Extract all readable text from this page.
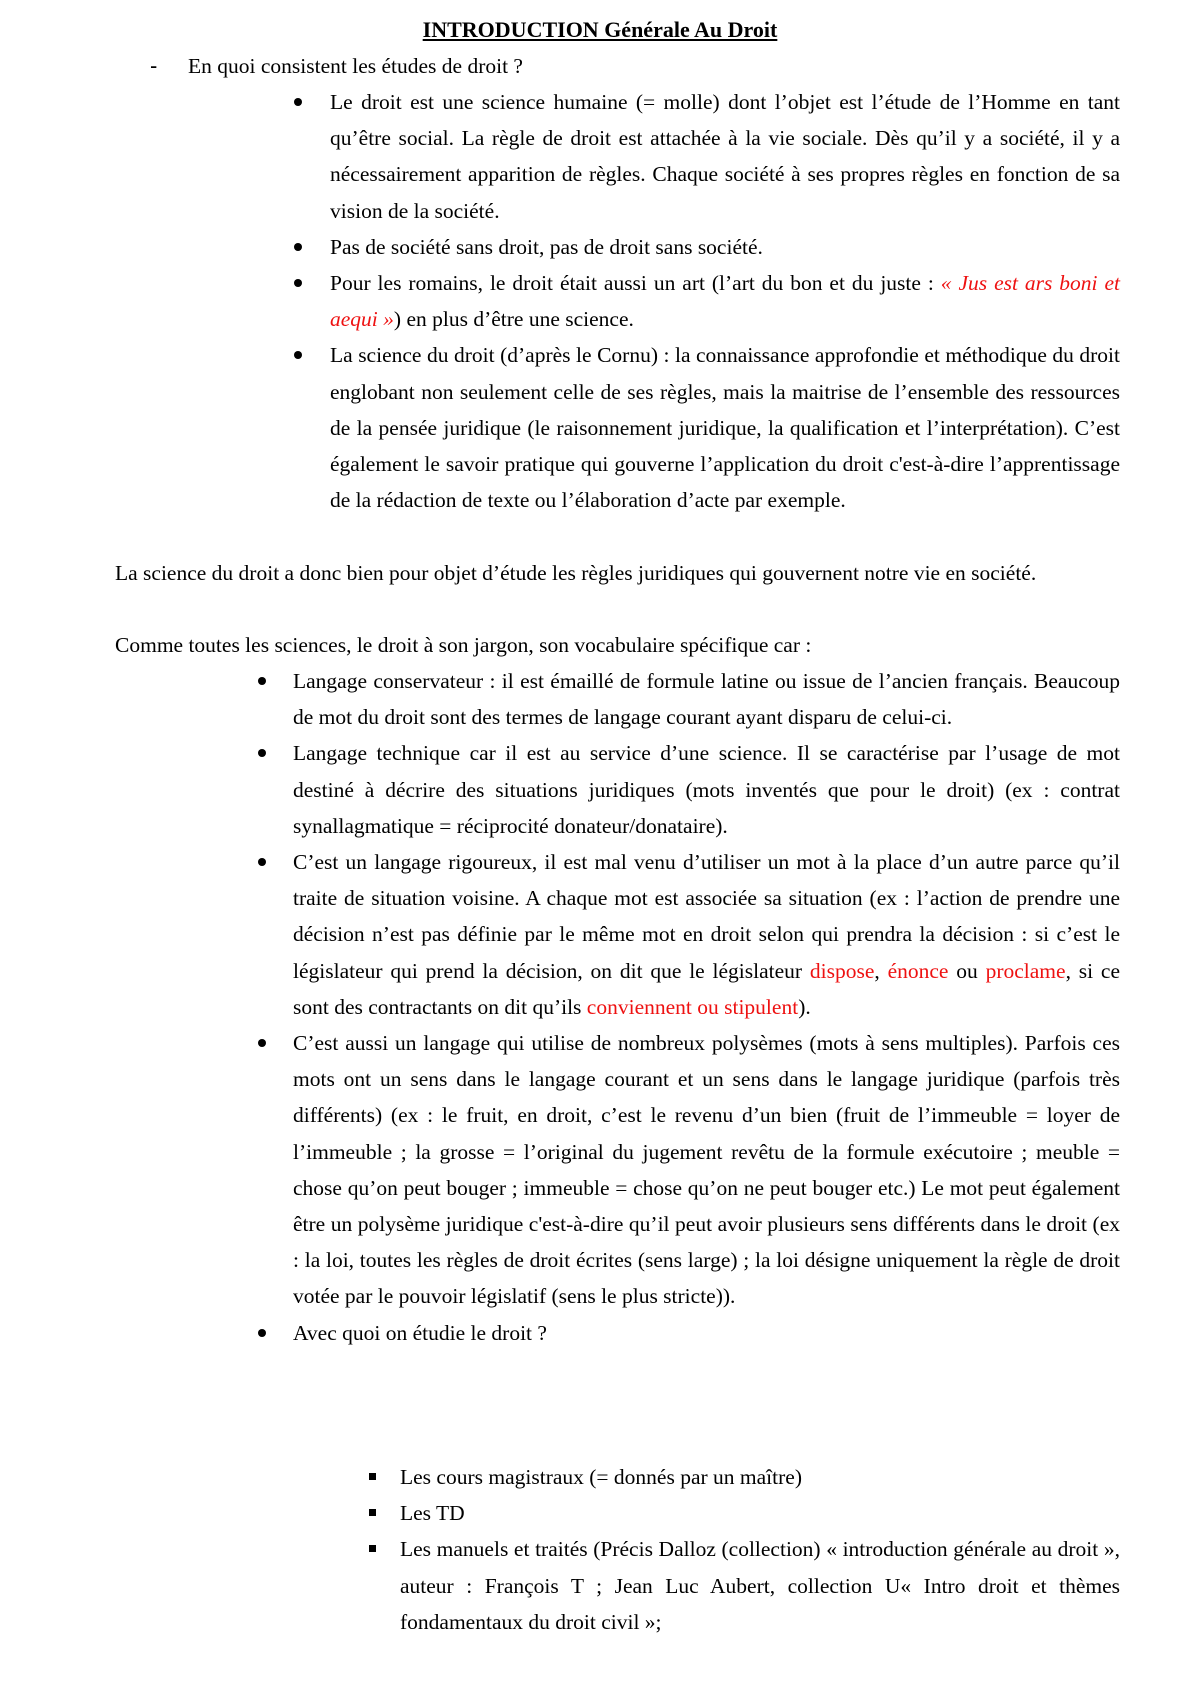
INTRODUCTION Générale Au Droit
- En quoi consistent les études de droit ?
Le droit est une science humaine (= molle) dont l’objet est l’étude de l’Homme en tant qu’être social. La règle de droit est attachée à la vie sociale. Dès qu’il y a société, il y a nécessairement apparition de règles. Chaque société à ses propres règles en fonction de sa vision de la société.
Pas de société sans droit, pas de droit sans société.
Pour les romains, le droit était aussi un art (l’art du bon et du juste : « Jus est ars boni et aequi ») en plus d’être une science.
La science du droit (d’après le Cornu) : la connaissance approfondie et méthodique du droit englobant non seulement celle de ses règles, mais la maitrise de l’ensemble des ressources de la pensée juridique (le raisonnement juridique, la qualification et l’interprétation). C’est également le savoir pratique qui gouverne l’application du droit c'est-à-dire l’apprentissage de la rédaction de texte ou l’élaboration d’acte par exemple.

La science du droit a donc bien pour objet d’étude les règles juridiques qui gouvernent notre vie en société.

Comme toutes les sciences, le droit à son jargon, son vocabulaire spécifique car :

Langage conservateur : il est émaillé de formule latine ou issue de l’ancien français. Beaucoup de mot du droit sont des termes de langage courant ayant disparu de celui-ci.
Langage technique car il est au service d’une science. Il se caractérise par l’usage de mot destiné à décrire des situations juridiques (mots inventés que pour le droit) (ex : contrat synallagmatique = réciprocité donateur/donataire).
C’est un langage rigoureux, il est mal venu d’utiliser un mot à la place d’un autre parce qu’il traite de situation voisine. A chaque mot est associée sa situation (ex : l’action de prendre une décision n’est pas définie par le même mot en droit selon qui prendra la décision : si c’est le législateur qui prend la décision, on dit que le législateur dispose, énonce ou proclame, si ce sont des contractants on dit qu’ils conviennent ou stipulent).
C’est aussi un langage qui utilise de nombreux polysèmes (mots à sens multiples). Parfois ces mots ont un sens dans le langage courant et un sens dans le langage juridique (parfois très différents) (ex : le fruit, en droit, c’est le revenu d’un bien (fruit de l’immeuble = loyer de l’immeuble ; la grosse = l’original du jugement revêtu de la formule exécutoire ; meuble = chose qu’on peut bouger ; immeuble = chose qu’on ne peut bouger etc.) Le mot peut également être un polysème juridique c'est-à-dire qu’il peut avoir plusieurs sens différents dans le droit (ex : la loi, toutes les règles de droit écrites (sens large) ; la loi désigne uniquement la règle de droit votée par le pouvoir législatif (sens le plus stricte)).
Avec quoi on étudie le droit ?
Les cours magistraux (= donnés par un maître)
Les TD
Les manuels et traités (Précis Dalloz (collection) « introduction générale au droit », auteur : François T ; Jean Luc Aubert, collection U« Intro droit et thèmes fondamentaux du droit civil »;
